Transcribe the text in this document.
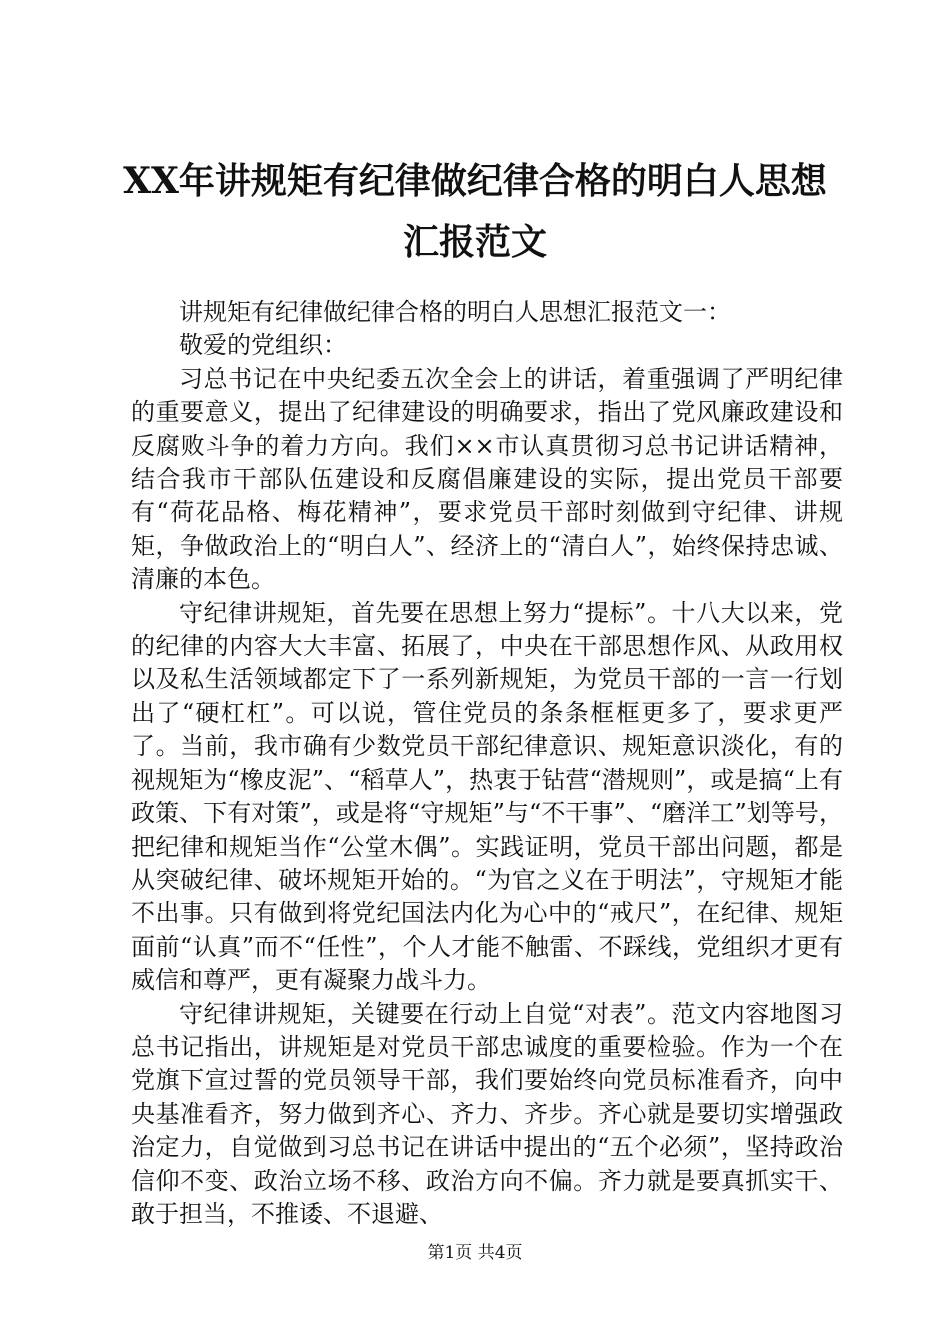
XX年讲规矩有纪律做纪律合格的明白人思想
汇报范文

讲规矩有纪律做纪律合格的明白人思想汇报范文一：

敬爱的党组织：

习总书记在中央纪委五次全会上的讲话，着重强调了严明纪律的重要意义，提出了纪律建设的明确要求，指出了党风廉政建设和反腐败斗争的着力方向。我们××市认真贯彻习总书记讲话精神，结合我市干部队伍建设和反腐倡廉建设的实际，提出党员干部要有“荷花品格、梅花精神”，要求党员干部时刻做到守纪律、讲规矩，争做政治上的“明白人”、经济上的“清白人”，始终保持忠诚、清廉的本色。

守纪律讲规矩，首先要在思想上努力“提标”。十八大以来，党的纪律的内容大大丰富、拓展了，中央在干部思想作风、从政用权以及私生活领域都定下了一系列新规矩，为党员干部的一言一行划出了“硬杠杠”。可以说，管住党员的条条框框更多了，要求更严了。当前，我市确有少数党员干部纪律意识、规矩意识淡化，有的视规矩为“橡皮泥”、“稻草人”，热衷于钻营“潜规则”，或是搞“上有政策、下有对策”，或是将“守规矩”与“不干事”、“磨洋工”划等号，把纪律和规矩当作“公堂木偶”。实践证明，党员干部出问题，都是从突破纪律、破坏规矩开始的。“为官之义在于明法”，守规矩才能不出事。只有做到将党纪国法内化为心中的“戒尺”，在纪律、规矩面前“认真”而不“任性”，个人才能不触雷、不踩线，党组织才更有威信和尊严，更有凝聚力战斗力。

守纪律讲规矩，关键要在行动上自觉“对表”。范文内容地图习总书记指出，讲规矩是对党员干部忠诚度的重要检验。作为一个在党旗下宣过誓的党员领导干部，我们要始终向党员标准看齐，向中央基准看齐，努力做到齐心、齐力、齐步。齐心就是要切实增强政治定力，自觉做到习总书记在讲话中提出的“五个必须”，坚持政治信仰不变、政治立场不移、政治方向不偏。齐力就是要真抓实干、敢于担当，不推诿、不退避、

第1页 共4页
